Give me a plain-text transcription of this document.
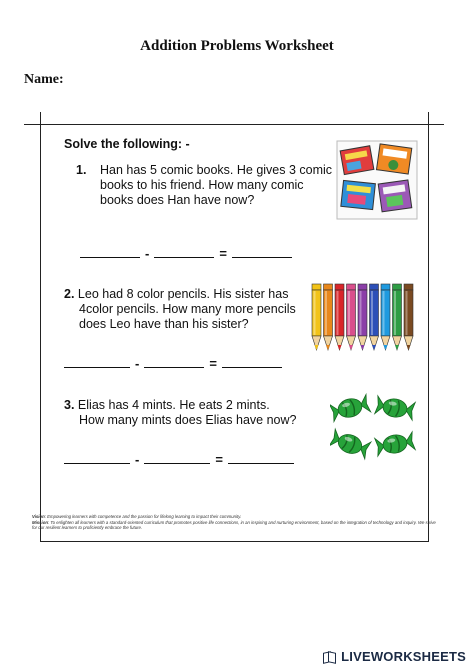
Addition Problems Worksheet
Name:
Solve the following: -
1. Han has 5 comic books. He gives 3 comic
books to his friend. How many comic
books does Han have now?
-	=
2. Leo had 8 color pencils. His sister has
4color pencils. How many more pencils
does Leo have than his sister?
-	=
3. Elias has 4 mints. He eats 2 mints.
How many mints does Elias have now?
-	=
Vision: Empowering learners with competence and the passion for lifelong learning to impact their community.
Mission: To enlighten all learners with a standard-oriented curriculum that promotes positive life connections, in an inspiring and nurturing environment, based on the integration of technology and inquiry. We strive for our resilient learners to proficiently embrace the future.
LIVEWORKSHEETS
